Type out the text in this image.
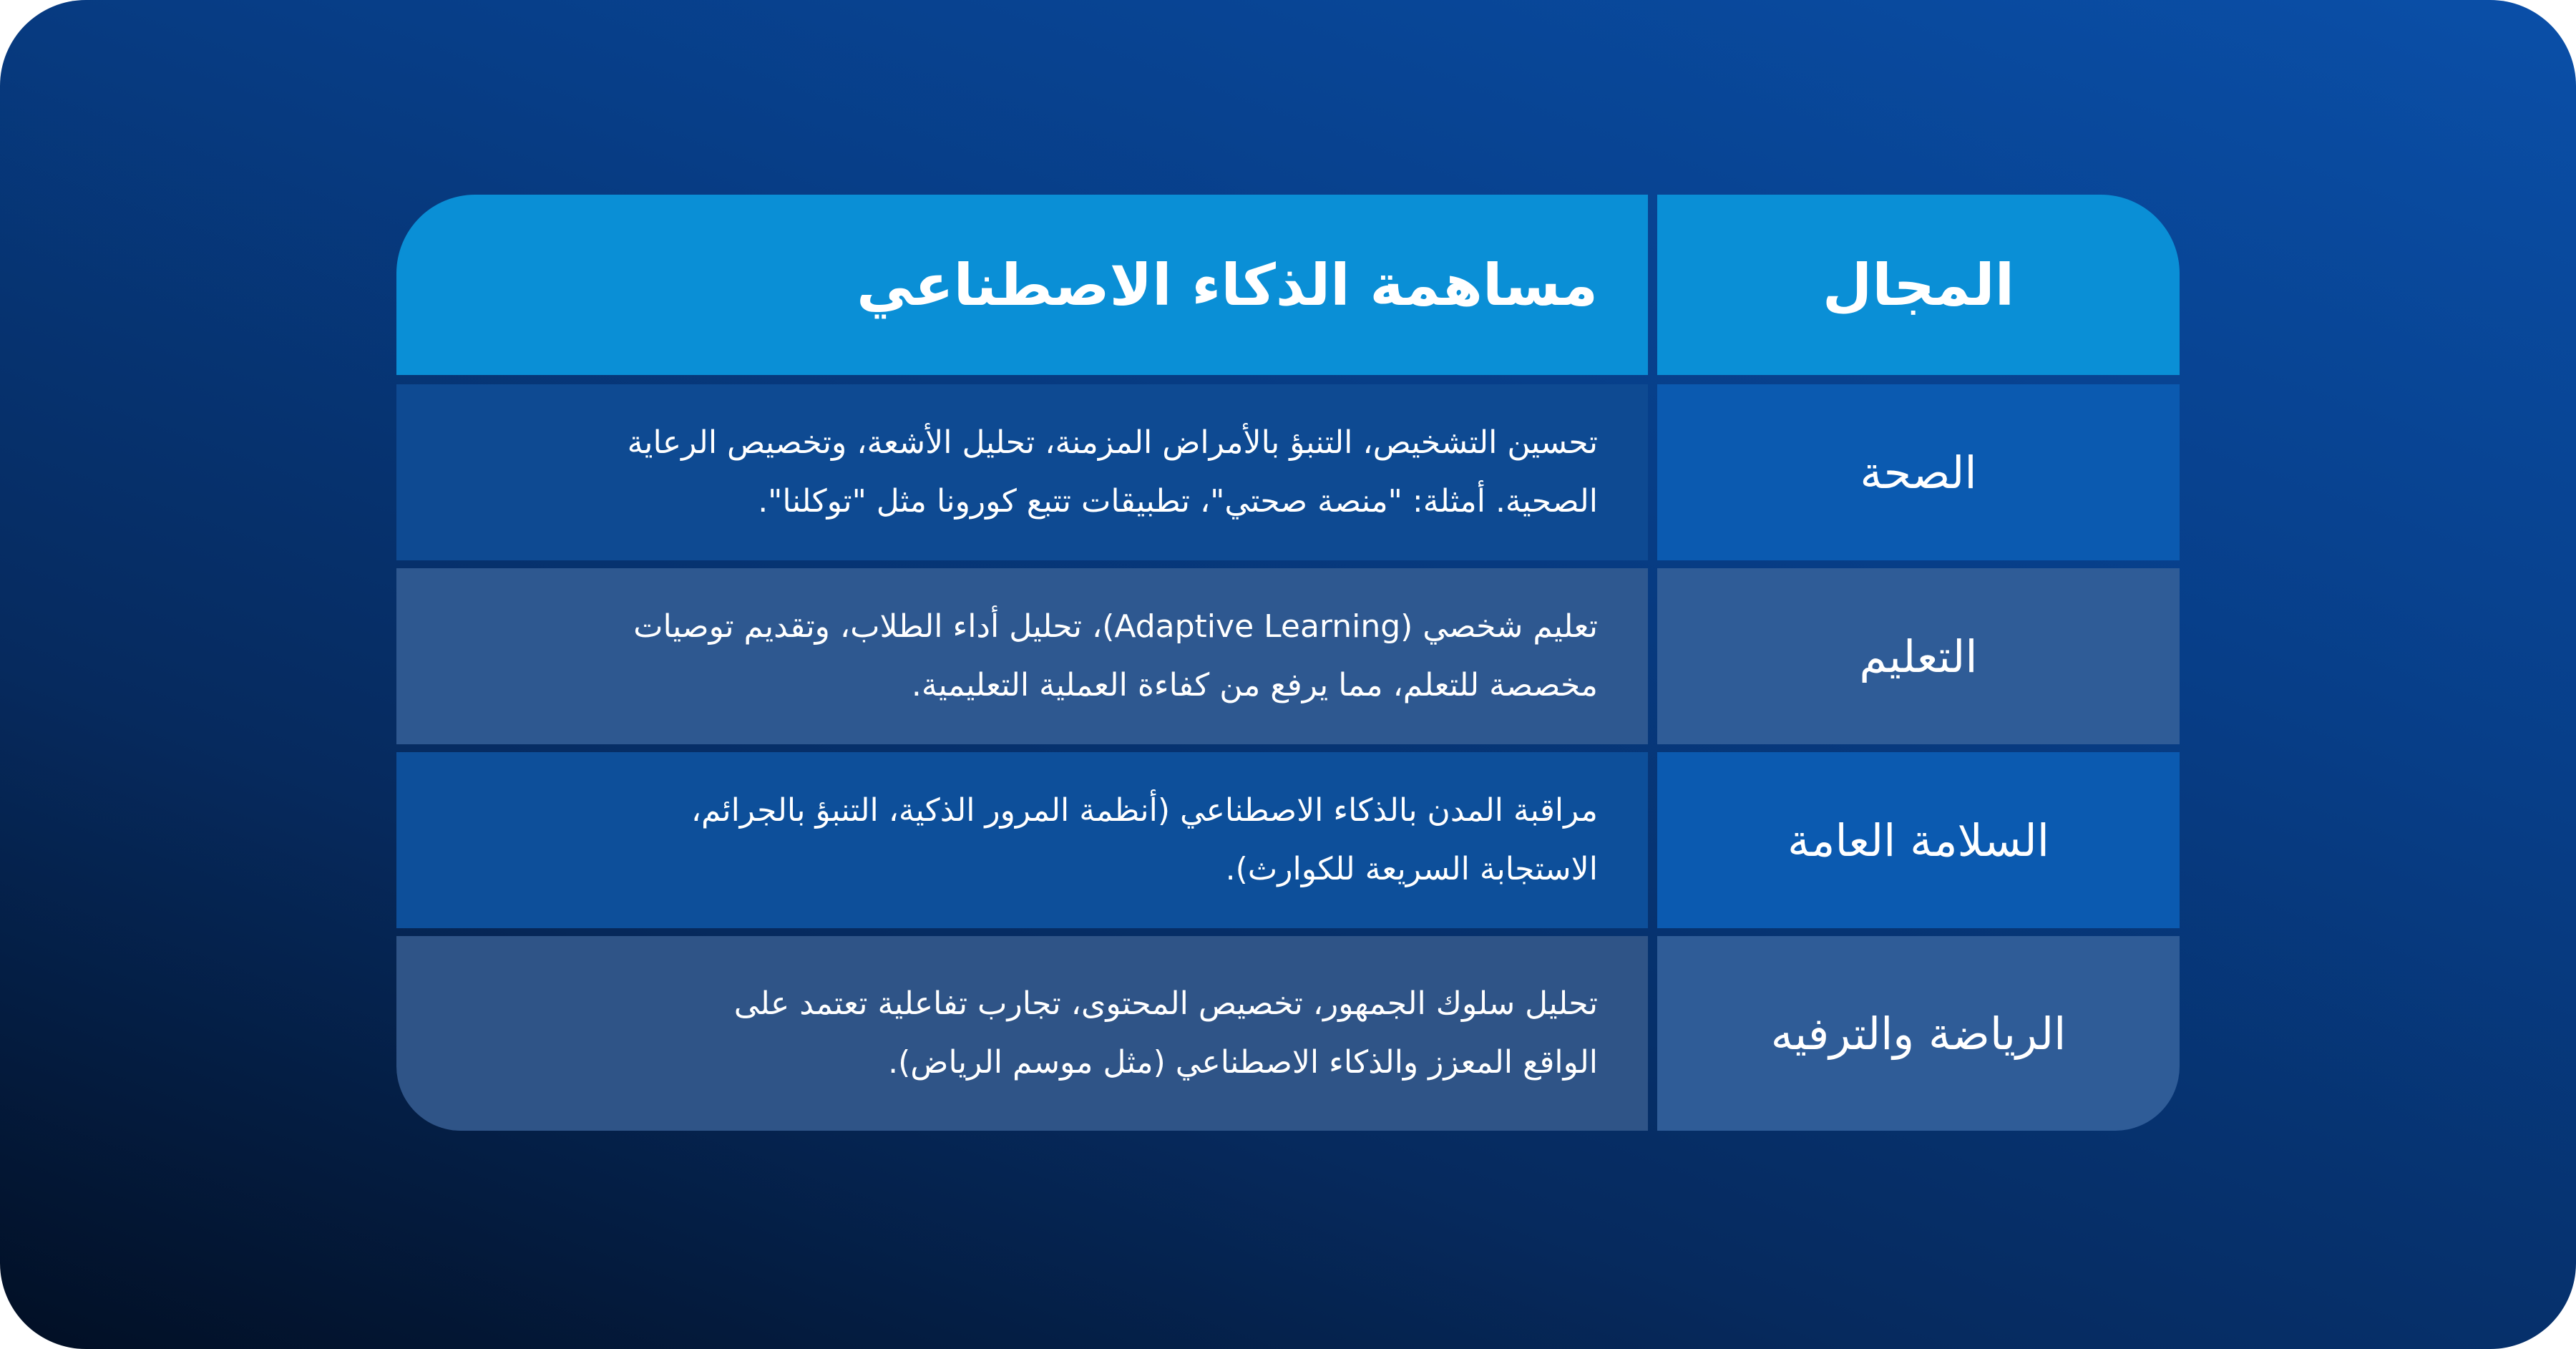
مساهمة الذكاء الاصطناعي	المجال
تحسين التشخيص، التنبؤ بالأمراض المزمنة، تحليل الأشعة، وتخصيص الرعاية
الصحية. أمثلة: "منصة صحتي"، تطبيقات تتبع كورونا مثل "توكلنا".
الصحة
تعليم شخصي (Adaptive Learning)، تحليل أداء الطلاب، وتقديم توصيات
مخصصة للتعلم، مما يرفع من كفاءة العملية التعليمية.
التعليم
مراقبة المدن بالذكاء الاصطناعي (أنظمة المرور الذكية، التنبؤ بالجرائم،
الاستجابة السريعة للكوارث).
السلامة العامة
تحليل سلوك الجمهور، تخصيص المحتوى، تجارب تفاعلية تعتمد على
الواقع المعزز والذكاء الاصطناعي (مثل موسم الرياض).
الرياضة والترفيه
